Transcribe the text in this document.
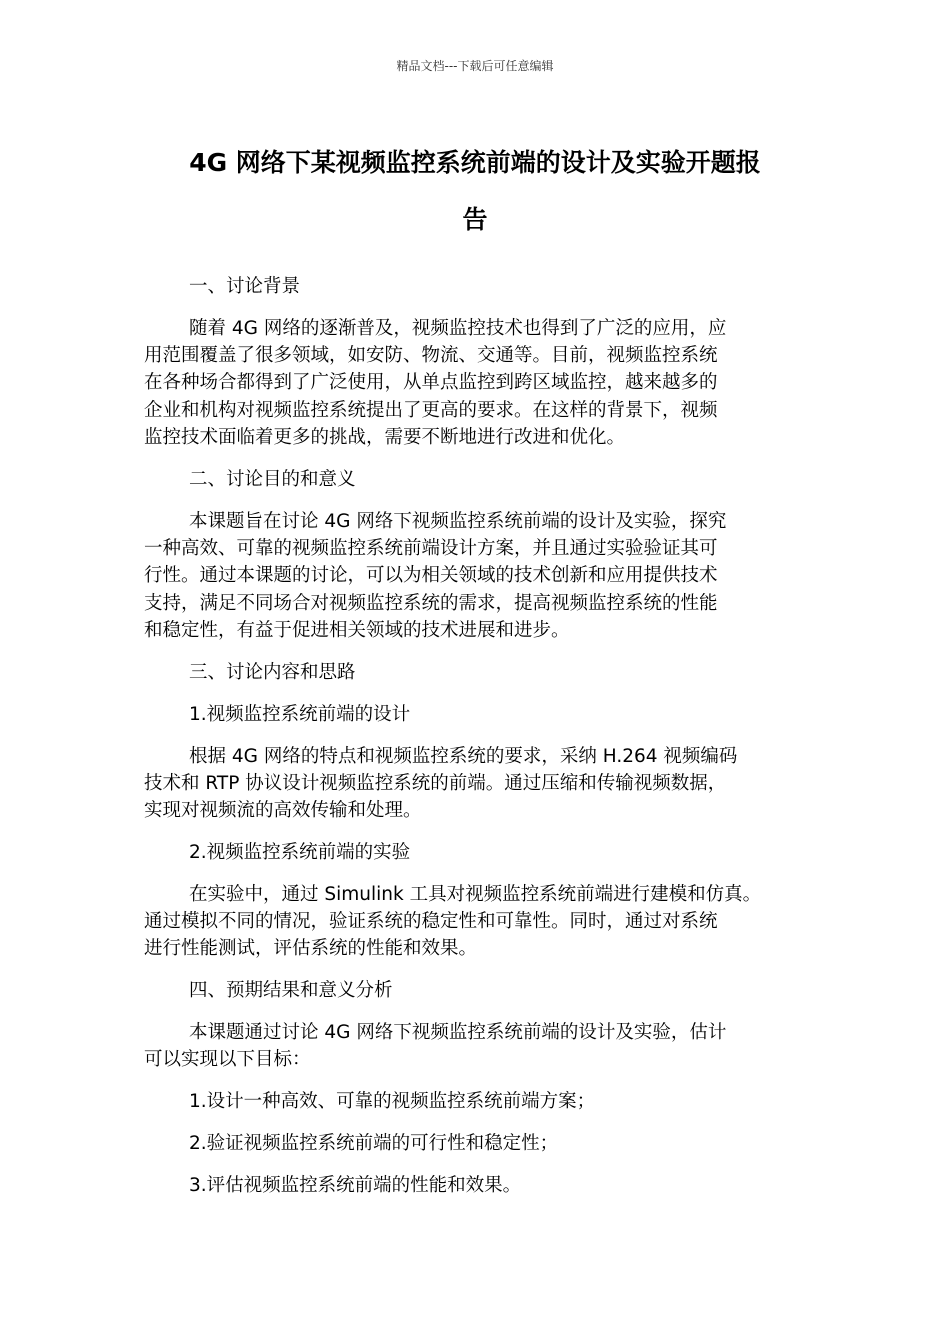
精品文档---下载后可任意编辑
4G 网络下某视频监控系统前端的设计及实验开题报
告
一、讨论背景
随着 4G 网络的逐渐普及，视频监控技术也得到了广泛的应用，应
用范围覆盖了很多领域，如安防、物流、交通等。目前，视频监控系统
在各种场合都得到了广泛使用，从单点监控到跨区域监控，越来越多的
企业和机构对视频监控系统提出了更高的要求。在这样的背景下，视频
监控技术面临着更多的挑战，需要不断地进行改进和优化。
二、讨论目的和意义
本课题旨在讨论 4G 网络下视频监控系统前端的设计及实验，探究
一种高效、可靠的视频监控系统前端设计方案，并且通过实验验证其可
行性。通过本课题的讨论，可以为相关领域的技术创新和应用提供技术
支持，满足不同场合对视频监控系统的需求，提高视频监控系统的性能
和稳定性，有益于促进相关领域的技术进展和进步。
三、讨论内容和思路
1.视频监控系统前端的设计
根据 4G 网络的特点和视频监控系统的要求，采纳 H.264 视频编码
技术和 RTP 协议设计视频监控系统的前端。通过压缩和传输视频数据，
实现对视频流的高效传输和处理。
2.视频监控系统前端的实验
在实验中，通过 Simulink 工具对视频监控系统前端进行建模和仿真。
通过模拟不同的情况，验证系统的稳定性和可靠性。同时，通过对系统
进行性能测试，评估系统的性能和效果。
四、预期结果和意义分析
本课题通过讨论 4G 网络下视频监控系统前端的设计及实验，估计
可以实现以下目标：
1.设计一种高效、可靠的视频监控系统前端方案；
2.验证视频监控系统前端的可行性和稳定性；
3.评估视频监控系统前端的性能和效果。
